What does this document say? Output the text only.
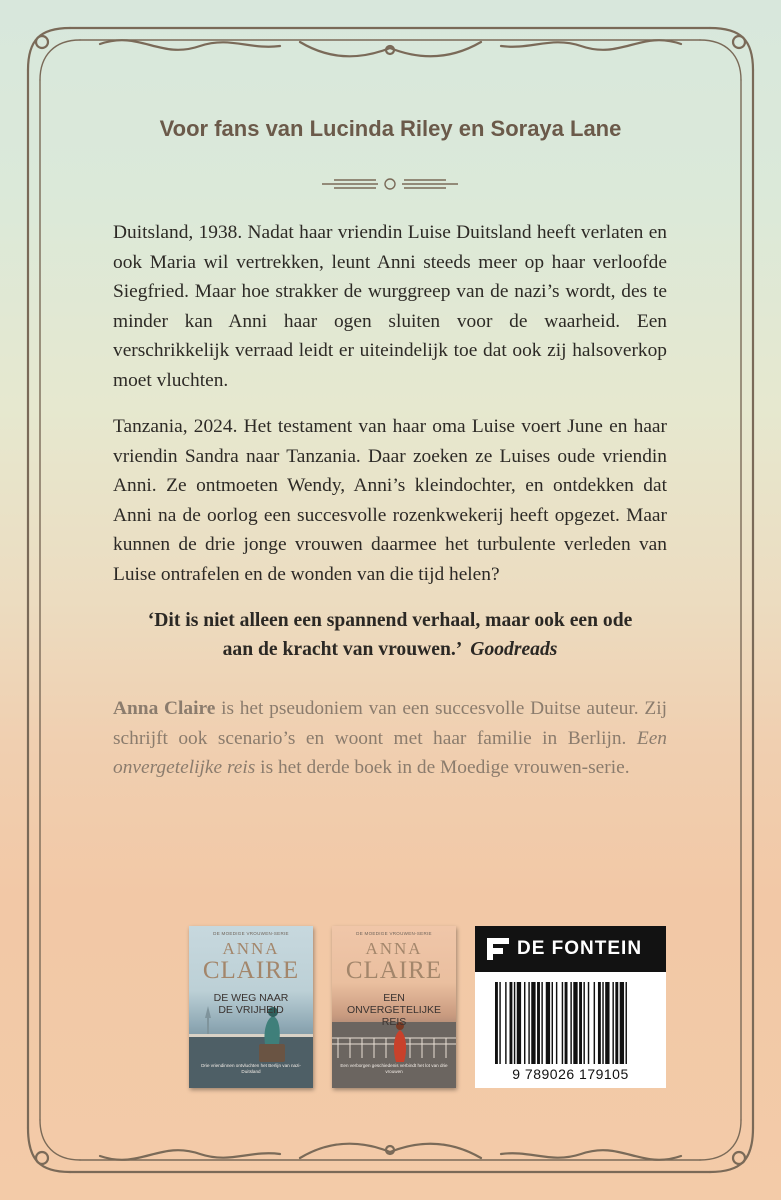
Voor fans van Lucinda Riley en Soraya Lane

Duitsland, 1938. Nadat haar vriendin Luise Duitsland heeft verlaten en ook Maria wil vertrekken, leunt Anni steeds meer op haar verloofde Siegfried. Maar hoe strakker de wurggreep van de nazi’s wordt, des te minder kan Anni haar ogen sluiten voor de waarheid. Een verschrikkelijk verraad leidt er uiteindelijk toe dat ook zij halsoverkop moet vluchten.

Tanzania, 2024. Het testament van haar oma Luise voert June en haar vriendin Sandra naar Tanzania. Daar zoeken ze Luises oude vriendin Anni. Ze ontmoeten Wendy, Anni’s kleindochter, en ontdekken dat Anni na de oorlog een succesvolle rozenkwekerij heeft opgezet. Maar kunnen de drie jonge vrouwen daarmee het turbulente verleden van Luise ontrafelen en de wonden van die tijd helen?

‘Dit is niet alleen een spannend verhaal, maar ook een ode
aan de kracht van vrouwen.’ Goodreads

Anna Claire is het pseudoniem van een succesvolle Duitse auteur. Zij schrijft ook scenario’s en woont met haar familie in Berlijn. Een onvergetelijke reis is het derde boek in de Moedige vrouwen-serie.

DE MOEDIGE VROUWEN-SERIE
ANNA
CLAIRE
DE WEG NAAR
DE VRIJHEID
Drie vriendinnen ontvluchten het Berlijn van nazi-Duitsland
DE MOEDIGE VROUWEN-SERIE
ANNA
CLAIRE
EEN
ONVERGETELIJKE
REIS
Een verborgen geschiedenis verbindt het lot van drie vrouwen
DE FONTEIN
9 789026 179105
